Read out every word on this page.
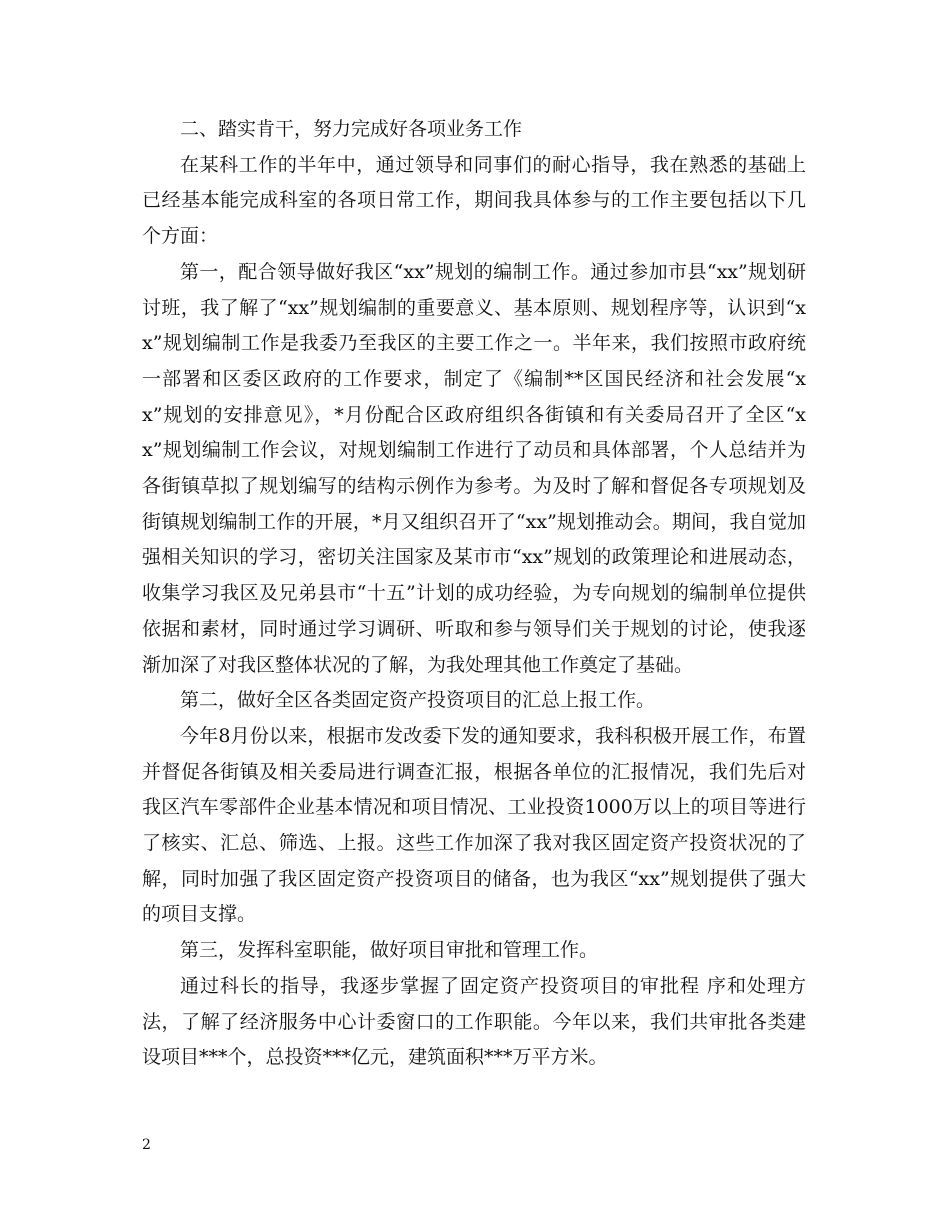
二、踏实肯干，努力完成好各项业务工作

在某科工作的半年中，通过领导和同事们的耐心指导，我在熟悉的基础上已经基本能完成科室的各项日常工作，期间我具体参与的工作主要包括以下几个方面：

第一，配合领导做好我区“xx”规划的编制工作。通过参加市县“xx”规划研讨班，我了解了“xx”规划编制的重要意义、基本原则、规划程序等，认识到“xx”规划编制工作是我委乃至我区的主要工作之一。半年来，我们按照市政府统一部署和区委区政府的工作要求，制定了《编制**区国民经济和社会发展“xx”规划的安排意见》，*月份配合区政府组织各街镇和有关委局召开了全区“xx”规划编制工作会议，对规划编制工作进行了动员和具体部署，个人总结并为各街镇草拟了规划编写的结构示例作为参考。为及时了解和督促各专项规划及街镇规划编制工作的开展，*月又组织召开了“xx”规划推动会。期间，我自觉加强相关知识的学习，密切关注国家及某市市“xx”规划的政策理论和进展动态，收集学习我区及兄弟县市“十五”计划的成功经验，为专向规划的编制单位提供依据和素材，同时通过学习调研、听取和参与领导们关于规划的讨论，使我逐渐加深了对我区整体状况的了解，为我处理其他工作奠定了基础。

第二，做好全区各类固定资产投资项目的汇总上报工作。

今年8月份以来，根据市发改委下发的通知要求，我科积极开展工作，布置并督促各街镇及相关委局进行调查汇报，根据各单位的汇报情况，我们先后对我区汽车零部件企业基本情况和项目情况、工业投资1000万以上的项目等进行了核实、汇总、筛选、上报。这些工作加深了我对我区固定资产投资状况的了解，同时加强了我区固定资产投资项目的储备，也为我区“xx”规划提供了强大的项目支撑。

第三，发挥科室职能，做好项目审批和管理工作。

通过科长的指导，我逐步掌握了固定资产投资项目的审批程 序和处理方法，了解了经济服务中心计委窗口的工作职能。今年以来，我们共审批各类建设项目***个，总投资***亿元，建筑面积***万平方米。

2
